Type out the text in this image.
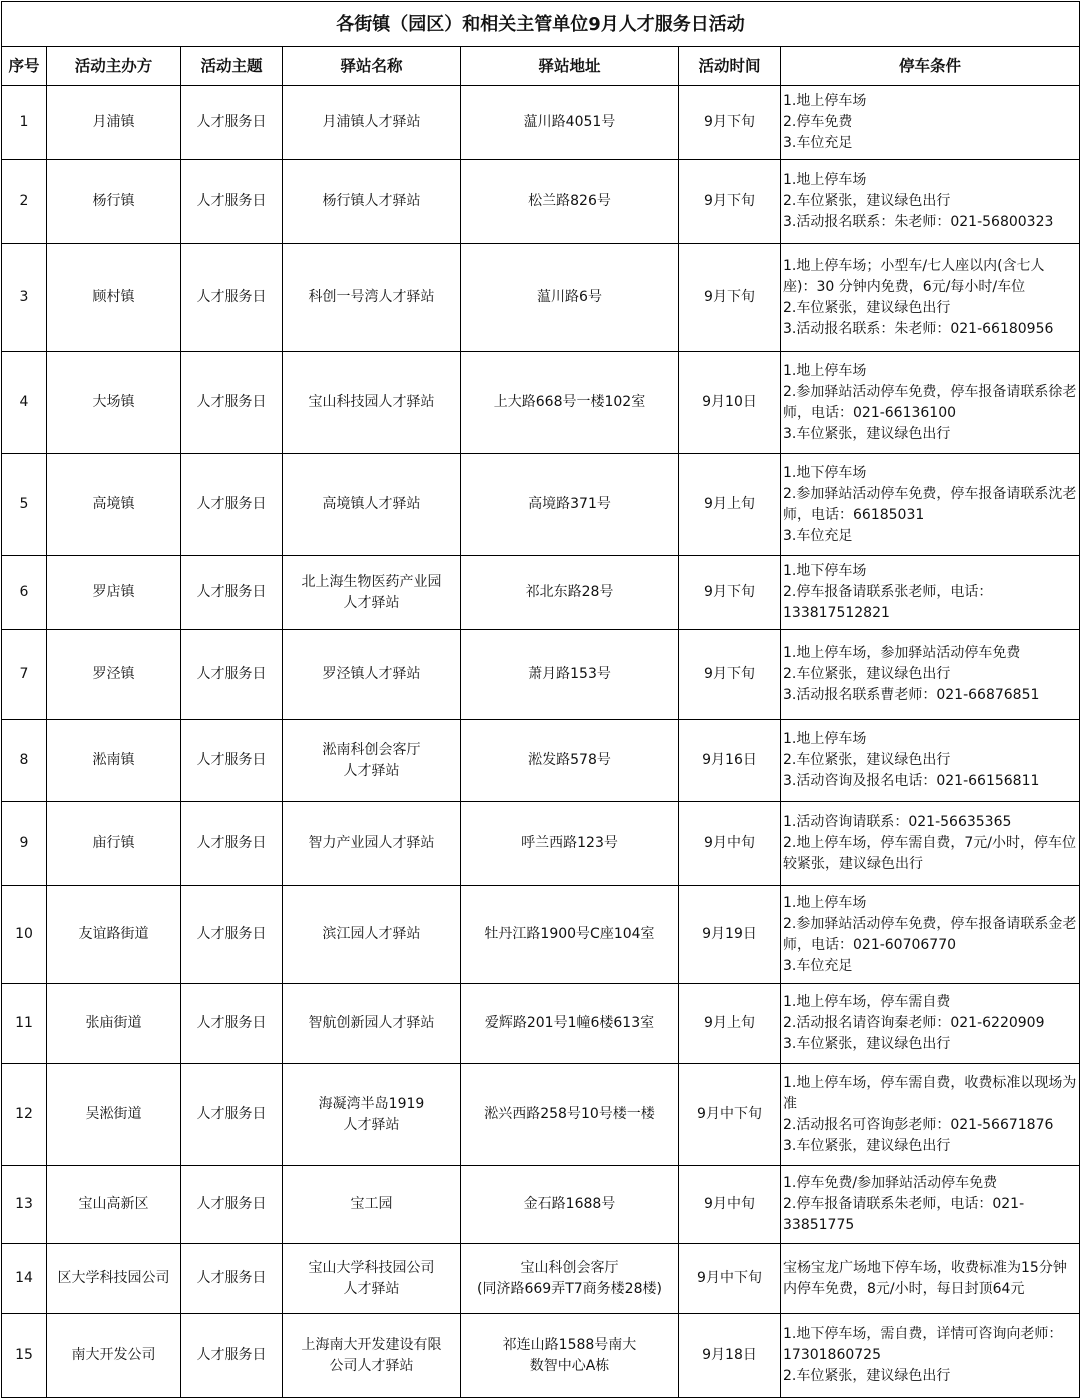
各街镇（园区）和相关主管单位9月人才服务日活动						
序号	活动主办方	活动主题	驿站名称	驿站地址	活动时间	停车条件
1	月浦镇	人才服务日	月浦镇人才驿站	蕰川路4051号	9月下旬	1.地上停车场
2.停车免费
3.车位充足

2	杨行镇	人才服务日	杨行镇人才驿站	松兰路826号	9月下旬	1.地上停车场
2.车位紧张，建议绿色出行
3.活动报名联系：朱老师：021-56800323

3	顾村镇	人才服务日	科创一号湾人才驿站	蕰川路6号	9月下旬	1.地上停车场；小型车/七人座以内(含七人座)：30 分钟内免费，6元/每小时/车位
2.车位紧张，建议绿色出行
3.活动报名联系：朱老师：021-66180956

4	大场镇	人才服务日	宝山科技园人才驿站	上大路668号一楼102室	9月10日	1.地上停车场
2.参加驿站活动停车免费，停车报备请联系徐老师，电话：021-66136100
3.车位紧张，建议绿色出行

5	高境镇	人才服务日	高境镇人才驿站	高境路371号	9月上旬	1.地下停车场
2.参加驿站活动停车免费，停车报备请联系沈老师，电话：66185031
3.车位充足

6	罗店镇	人才服务日	北上海生物医药产业园
人才驿站	祁北东路28号	9月下旬	1.地下停车场
2.停车报备请联系张老师，电话：133817512821

7	罗泾镇	人才服务日	罗泾镇人才驿站	萧月路153号	9月下旬	1.地上停车场，参加驿站活动停车免费
2.车位紧张，建议绿色出行
3.活动报名联系曹老师：021-66876851

8	淞南镇	人才服务日	淞南科创会客厅
人才驿站	淞发路578号	9月16日	1.地上停车场
2.车位紧张，建议绿色出行
3.活动咨询及报名电话：021-66156811

9	庙行镇	人才服务日	智力产业园人才驿站	呼兰西路123号	9月中旬	1.活动咨询请联系：021-56635365
2.地上停车场，停车需自费，7元/小时，停车位较紧张，建议绿色出行

10	友谊路街道	人才服务日	滨江园人才驿站	牡丹江路1900号C座104室	9月19日	1.地上停车场
2.参加驿站活动停车免费，停车报备请联系金老师，电话：021-60706770
3.车位充足

11	张庙街道	人才服务日	智航创新园人才驿站	爱辉路201号1幢6楼613室	9月上旬	1.地上停车场，停车需自费
2.活动报名请咨询秦老师：021-6220909
3.车位紧张，建议绿色出行

12	吴淞街道	人才服务日	海凝湾半岛1919
人才驿站	淞兴西路258号10号楼一楼	9月中下旬	1.地上停车场，停车需自费，收费标准以现场为准
2.活动报名可咨询彭老师：021-56671876
3.车位紧张，建议绿色出行

13	宝山高新区	人才服务日	宝工园	金石路1688号	9月中旬	1.停车免费/参加驿站活动停车免费
2.停车报备请联系朱老师，电话：021-33851775

14	区大学科技园公司	人才服务日	宝山大学科技园公司
人才驿站	宝山科创会客厅
(同济路669弄T7商务楼28楼)	9月中下旬	宝杨宝龙广场地下停车场，收费标准为15分钟内停车免费，8元/小时，每日封顶64元

15	南大开发公司	人才服务日	上海南大开发建设有限
公司人才驿站	祁连山路1588号南大
数智中心A栋	9月18日	1.地下停车场，需自费，详情可咨询向老师：17301860725
2.车位紧张，建议绿色出行
